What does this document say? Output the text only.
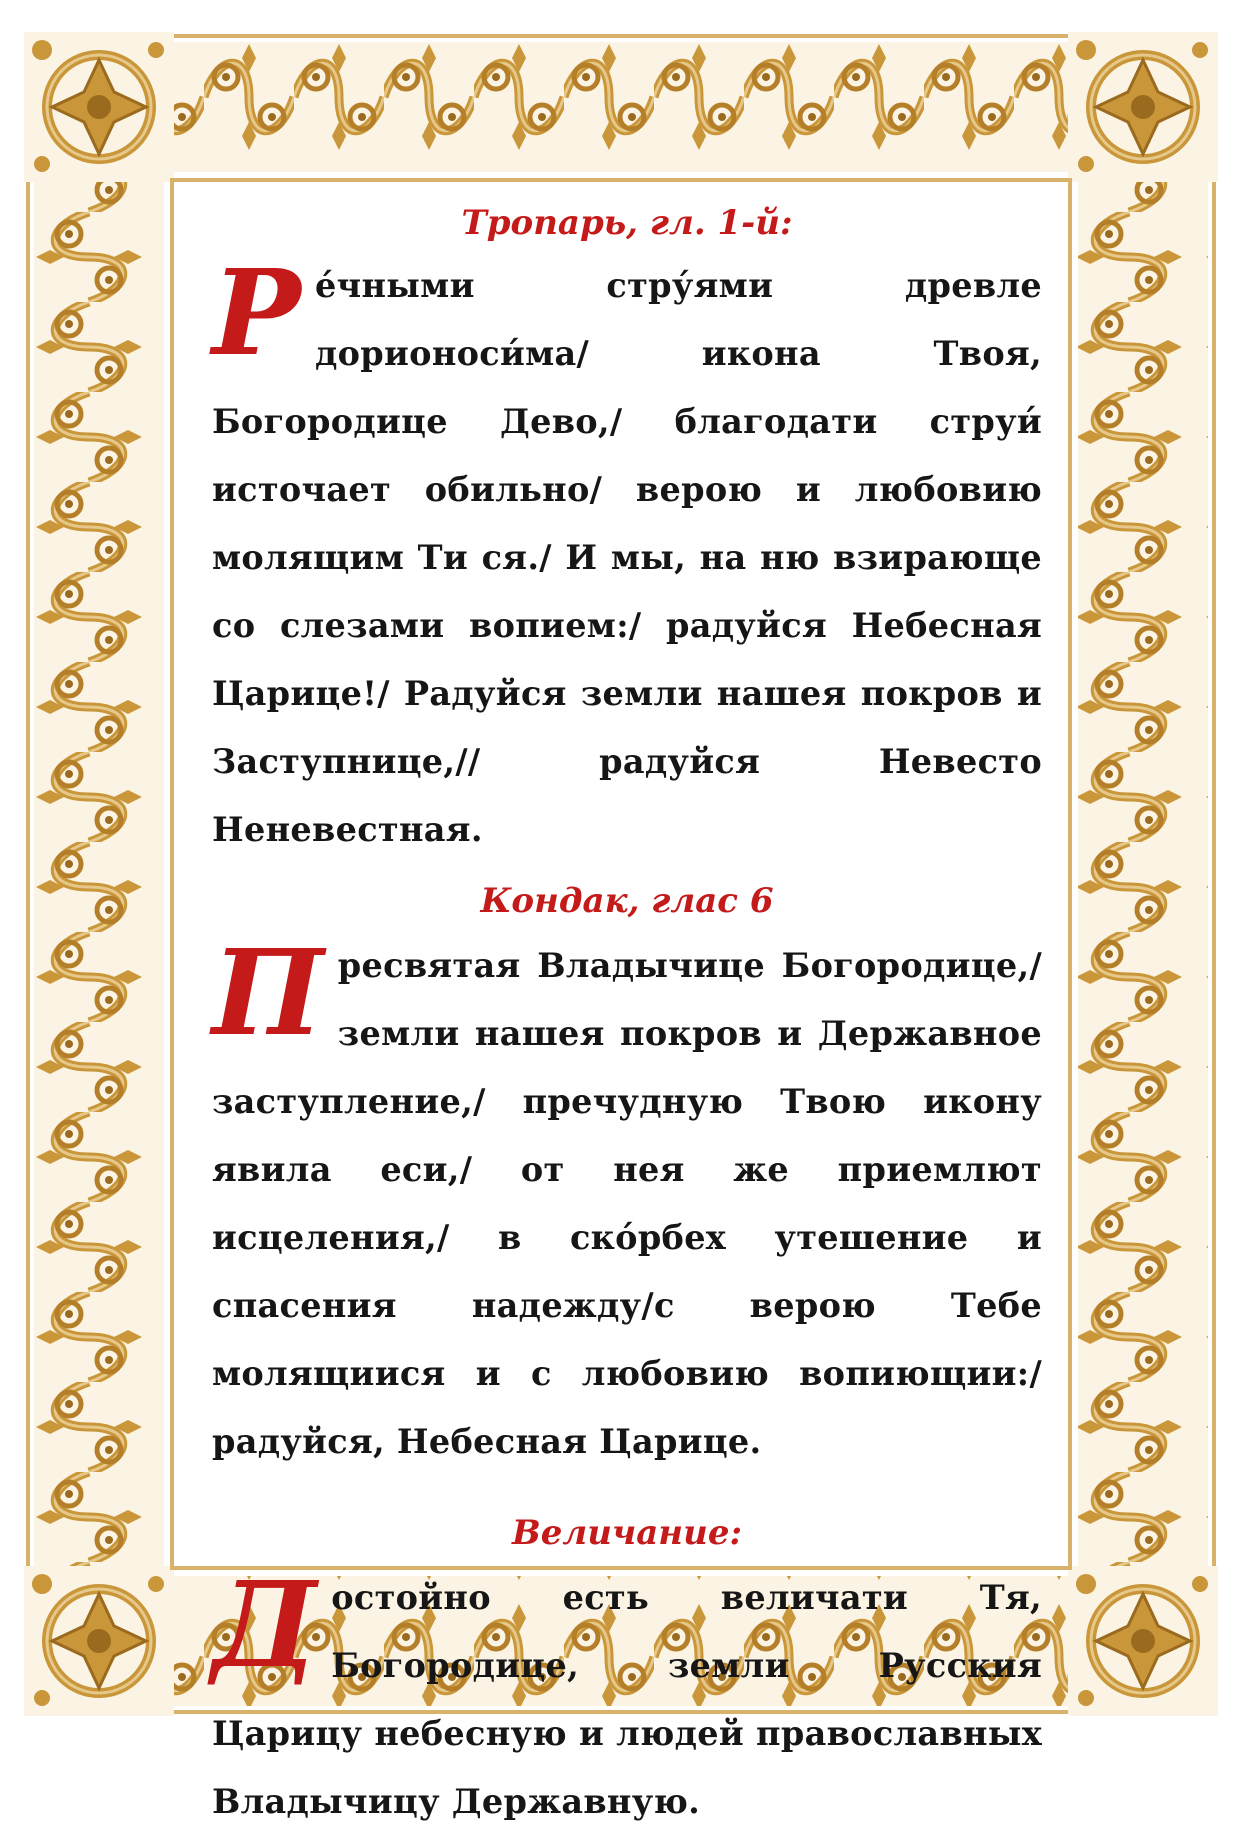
Тропарь, гл. 1-й:

Ре́чными стру́ями древле дорионоси́ма/ икона Твоя, Богородице Дево,/ благодати струи́ источает обильно/ верою и любовию молящим Ти ся./ И мы, на ню взирающе со слезами вопием:/ радуйся Небесная Царице!/ Радуйся земли нашея покров и Заступнице,// радуйся Невесто Неневестная.

Кондак, глас 6

Пресвятая Владычице Богородице,/ земли нашея покров и Державное заступление,/ пречудную Твою икону явила еси,/ от нея же приемлют исцеления,/ в ско́рбех утешение и спасения надежду/с верою Тебе молящиися и с любовию вопиющии:/ радуйся, Небесная Царице.

Величание:

Достойно есть величати Тя, Богородице, земли Русския Царицу небесную и людей православных Владычицу Державную.
